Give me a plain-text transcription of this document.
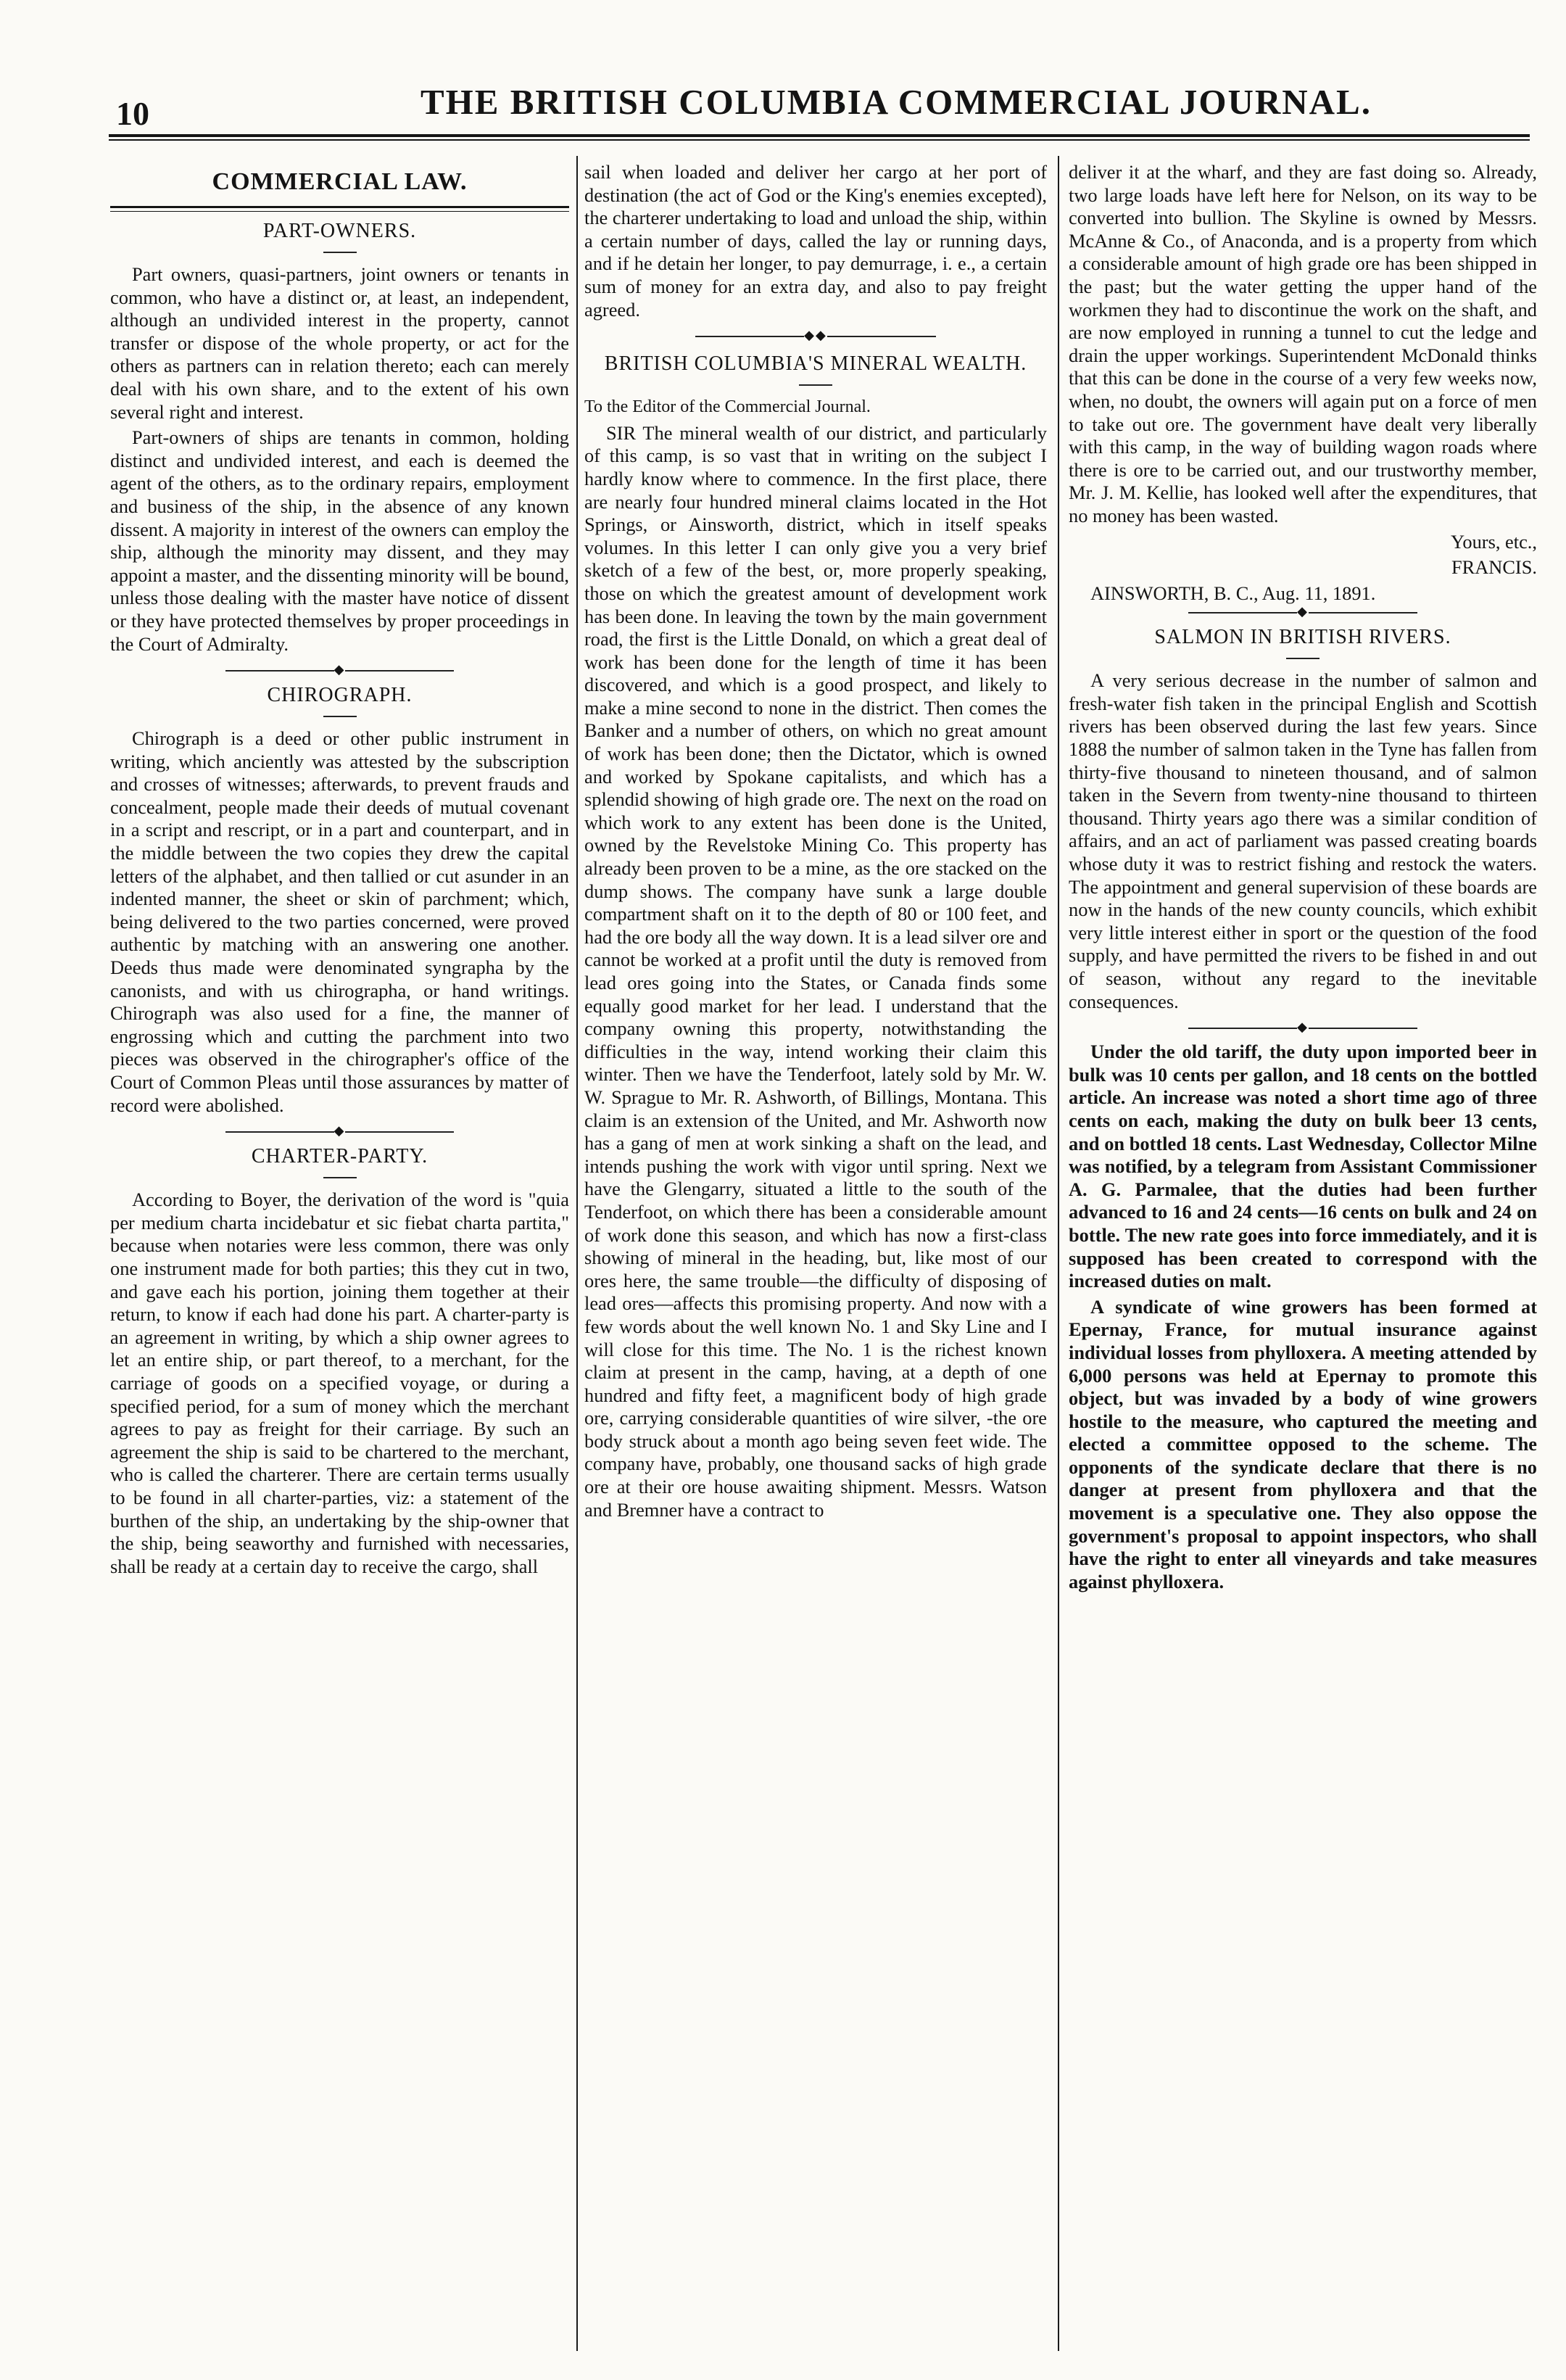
10	THE BRITISH COLUMBIA COMMERCIAL JOURNAL.
COMMERCIAL LAW.
PART-OWNERS.

Part owners, quasi-partners, joint owners or tenants in common, who have a distinct or, at least, an independent, although an undivided interest in the property, cannot transfer or dispose of the whole property, or act for the others as partners can in relation thereto; each can merely deal with his own share, and to the extent of his own several right and interest.

Part-owners of ships are tenants in common, holding distinct and undivided interest, and each is deemed the agent of the others, as to the ordinary repairs, employment and business of the ship, in the absence of any known dissent. A majority in interest of the owners can employ the ship, although the minority may dissent, and they may appoint a master, and the dissenting minority will be bound, unless those dealing with the master have notice of dissent or they have protected themselves by proper proceedings in the Court of Admiralty.

◆
CHIROGRAPH.

Chirograph is a deed or other public instrument in writing, which anciently was attested by the subscription and crosses of witnesses; afterwards, to prevent frauds and concealment, people made their deeds of mutual covenant in a script and rescript, or in a part and counterpart, and in the middle between the two copies they drew the capital letters of the alphabet, and then tallied or cut asunder in an indented manner, the sheet or skin of parchment; which, being delivered to the two parties concerned, were proved authentic by matching with an answering one another. Deeds thus made were denominated syngrapha by the canonists, and with us chirographa, or hand writings. Chirograph was also used for a fine, the manner of engrossing which and cutting the parchment into two pieces was observed in the chirographer's office of the Court of Common Pleas until those assurances by matter of record were abolished.

◆
CHARTER-PARTY.

According to Boyer, the derivation of the word is "quia per medium charta incidebatur et sic fiebat charta partita," because when notaries were less common, there was only one instrument made for both parties; this they cut in two, and gave each his portion, joining them together at their return, to know if each had done his part. A charter-party is an agreement in writing, by which a ship owner agrees to let an entire ship, or part thereof, to a merchant, for the carriage of goods on a specified voyage, or during a specified period, for a sum of money which the merchant agrees to pay as freight for their carriage. By such an agreement the ship is said to be chartered to the merchant, who is called the charterer. There are certain terms usually to be found in all charter-parties, viz: a statement of the burthen of the ship, an undertaking by the ship-owner that the ship, being seaworthy and furnished with necessaries, shall be ready at a certain day to receive the cargo, shall

sail when loaded and deliver her cargo at her port of destination (the act of God or the King's enemies excepted), the charterer undertaking to load and unload the ship, within a certain number of days, called the lay or running days, and if he detain her longer, to pay demurrage, i. e., a certain sum of money for an extra day, and also to pay freight agreed.

◆◆
BRITISH COLUMBIA'S MINERAL WEALTH.

To the Editor of the Commercial Journal.

SIR The mineral wealth of our district, and particularly of this camp, is so vast that in writing on the subject I hardly know where to commence. In the first place, there are nearly four hundred mineral claims located in the Hot Springs, or Ainsworth, district, which in itself speaks volumes. In this letter I can only give you a very brief sketch of a few of the best, or, more properly speaking, those on which the greatest amount of development work has been done. In leaving the town by the main government road, the first is the Little Donald, on which a great deal of work has been done for the length of time it has been discovered, and which is a good prospect, and likely to make a mine second to none in the district. Then comes the Banker and a number of others, on which no great amount of work has been done; then the Dictator, which is owned and worked by Spokane capitalists, and which has a splendid showing of high grade ore. The next on the road on which work to any extent has been done is the United, owned by the Revelstoke Mining Co. This property has already been proven to be a mine, as the ore stacked on the dump shows. The company have sunk a large double compartment shaft on it to the depth of 80 or 100 feet, and had the ore body all the way down. It is a lead silver ore and cannot be worked at a profit until the duty is removed from lead ores going into the States, or Canada finds some equally good market for her lead. I understand that the company owning this property, notwithstanding the difficulties in the way, intend working their claim this winter. Then we have the Tenderfoot, lately sold by Mr. W. W. Sprague to Mr. R. Ashworth, of Billings, Montana. This claim is an extension of the United, and Mr. Ashworth now has a gang of men at work sinking a shaft on the lead, and intends pushing the work with vigor until spring. Next we have the Glengarry, situated a little to the south of the Tenderfoot, on which there has been a considerable amount of work done this season, and which has now a first-class showing of mineral in the heading, but, like most of our ores here, the same trouble—the difficulty of disposing of lead ores—affects this promising property. And now with a few words about the well known No. 1 and Sky Line and I will close for this time. The No. 1 is the richest known claim at present in the camp, having, at a depth of one hundred and fifty feet, a magnificent body of high grade ore, carrying considerable quantities of wire silver, -the ore body struck about a month ago being seven feet wide. The company have, probably, one thousand sacks of high grade ore at their ore house awaiting shipment. Messrs. Watson and Bremner have a contract to

deliver it at the wharf, and they are fast doing so. Already, two large loads have left here for Nelson, on its way to be converted into bullion. The Skyline is owned by Messrs. McAnne & Co., of Anaconda, and is a property from which a considerable amount of high grade ore has been shipped in the past; but the water getting the upper hand of the workmen they had to discontinue the work on the shaft, and are now employed in running a tunnel to cut the ledge and drain the upper workings. Superintendent McDonald thinks that this can be done in the course of a very few weeks now, when, no doubt, the owners will again put on a force of men to take out ore. The government have dealt very liberally with this camp, in the way of building wagon roads where there is ore to be carried out, and our trustworthy member, Mr. J. M. Kellie, has looked well after the expenditures, that no money has been wasted.

Yours, etc.,

FRANCIS.

AINSWORTH, B. C., Aug. 11, 1891.

◆
SALMON IN BRITISH RIVERS.

A very serious decrease in the number of salmon and fresh-water fish taken in the principal English and Scottish rivers has been observed during the last few years. Since 1888 the number of salmon taken in the Tyne has fallen from thirty-five thousand to nineteen thousand, and of salmon taken in the Severn from twenty-nine thousand to thirteen thousand. Thirty years ago there was a similar condition of affairs, and an act of parliament was passed creating boards whose duty it was to restrict fishing and restock the waters. The appointment and general supervision of these boards are now in the hands of the new county councils, which exhibit very little interest either in sport or the question of the food supply, and have permitted the rivers to be fished in and out of season, without any regard to the inevitable consequences.

◆

Under the old tariff, the duty upon imported beer in bulk was 10 cents per gallon, and 18 cents on the bottled article. An increase was noted a short time ago of three cents on each, making the duty on bulk beer 13 cents, and on bottled 18 cents. Last Wednesday, Collector Milne was notified, by a telegram from Assistant Commissioner A. G. Parmalee, that the duties had been further advanced to 16 and 24 cents—16 cents on bulk and 24 on bottle. The new rate goes into force immediately, and it is supposed has been created to correspond with the increased duties on malt.

A syndicate of wine growers has been formed at Epernay, France, for mutual insurance against individual losses from phylloxera. A meeting attended by 6,000 persons was held at Epernay to promote this object, but was invaded by a body of wine growers hostile to the measure, who captured the meeting and elected a committee opposed to the scheme. The opponents of the syndicate declare that there is no danger at present from phylloxera and that the movement is a speculative one. They also oppose the government's proposal to appoint inspectors, who shall have the right to enter all vineyards and take measures against phylloxera.
